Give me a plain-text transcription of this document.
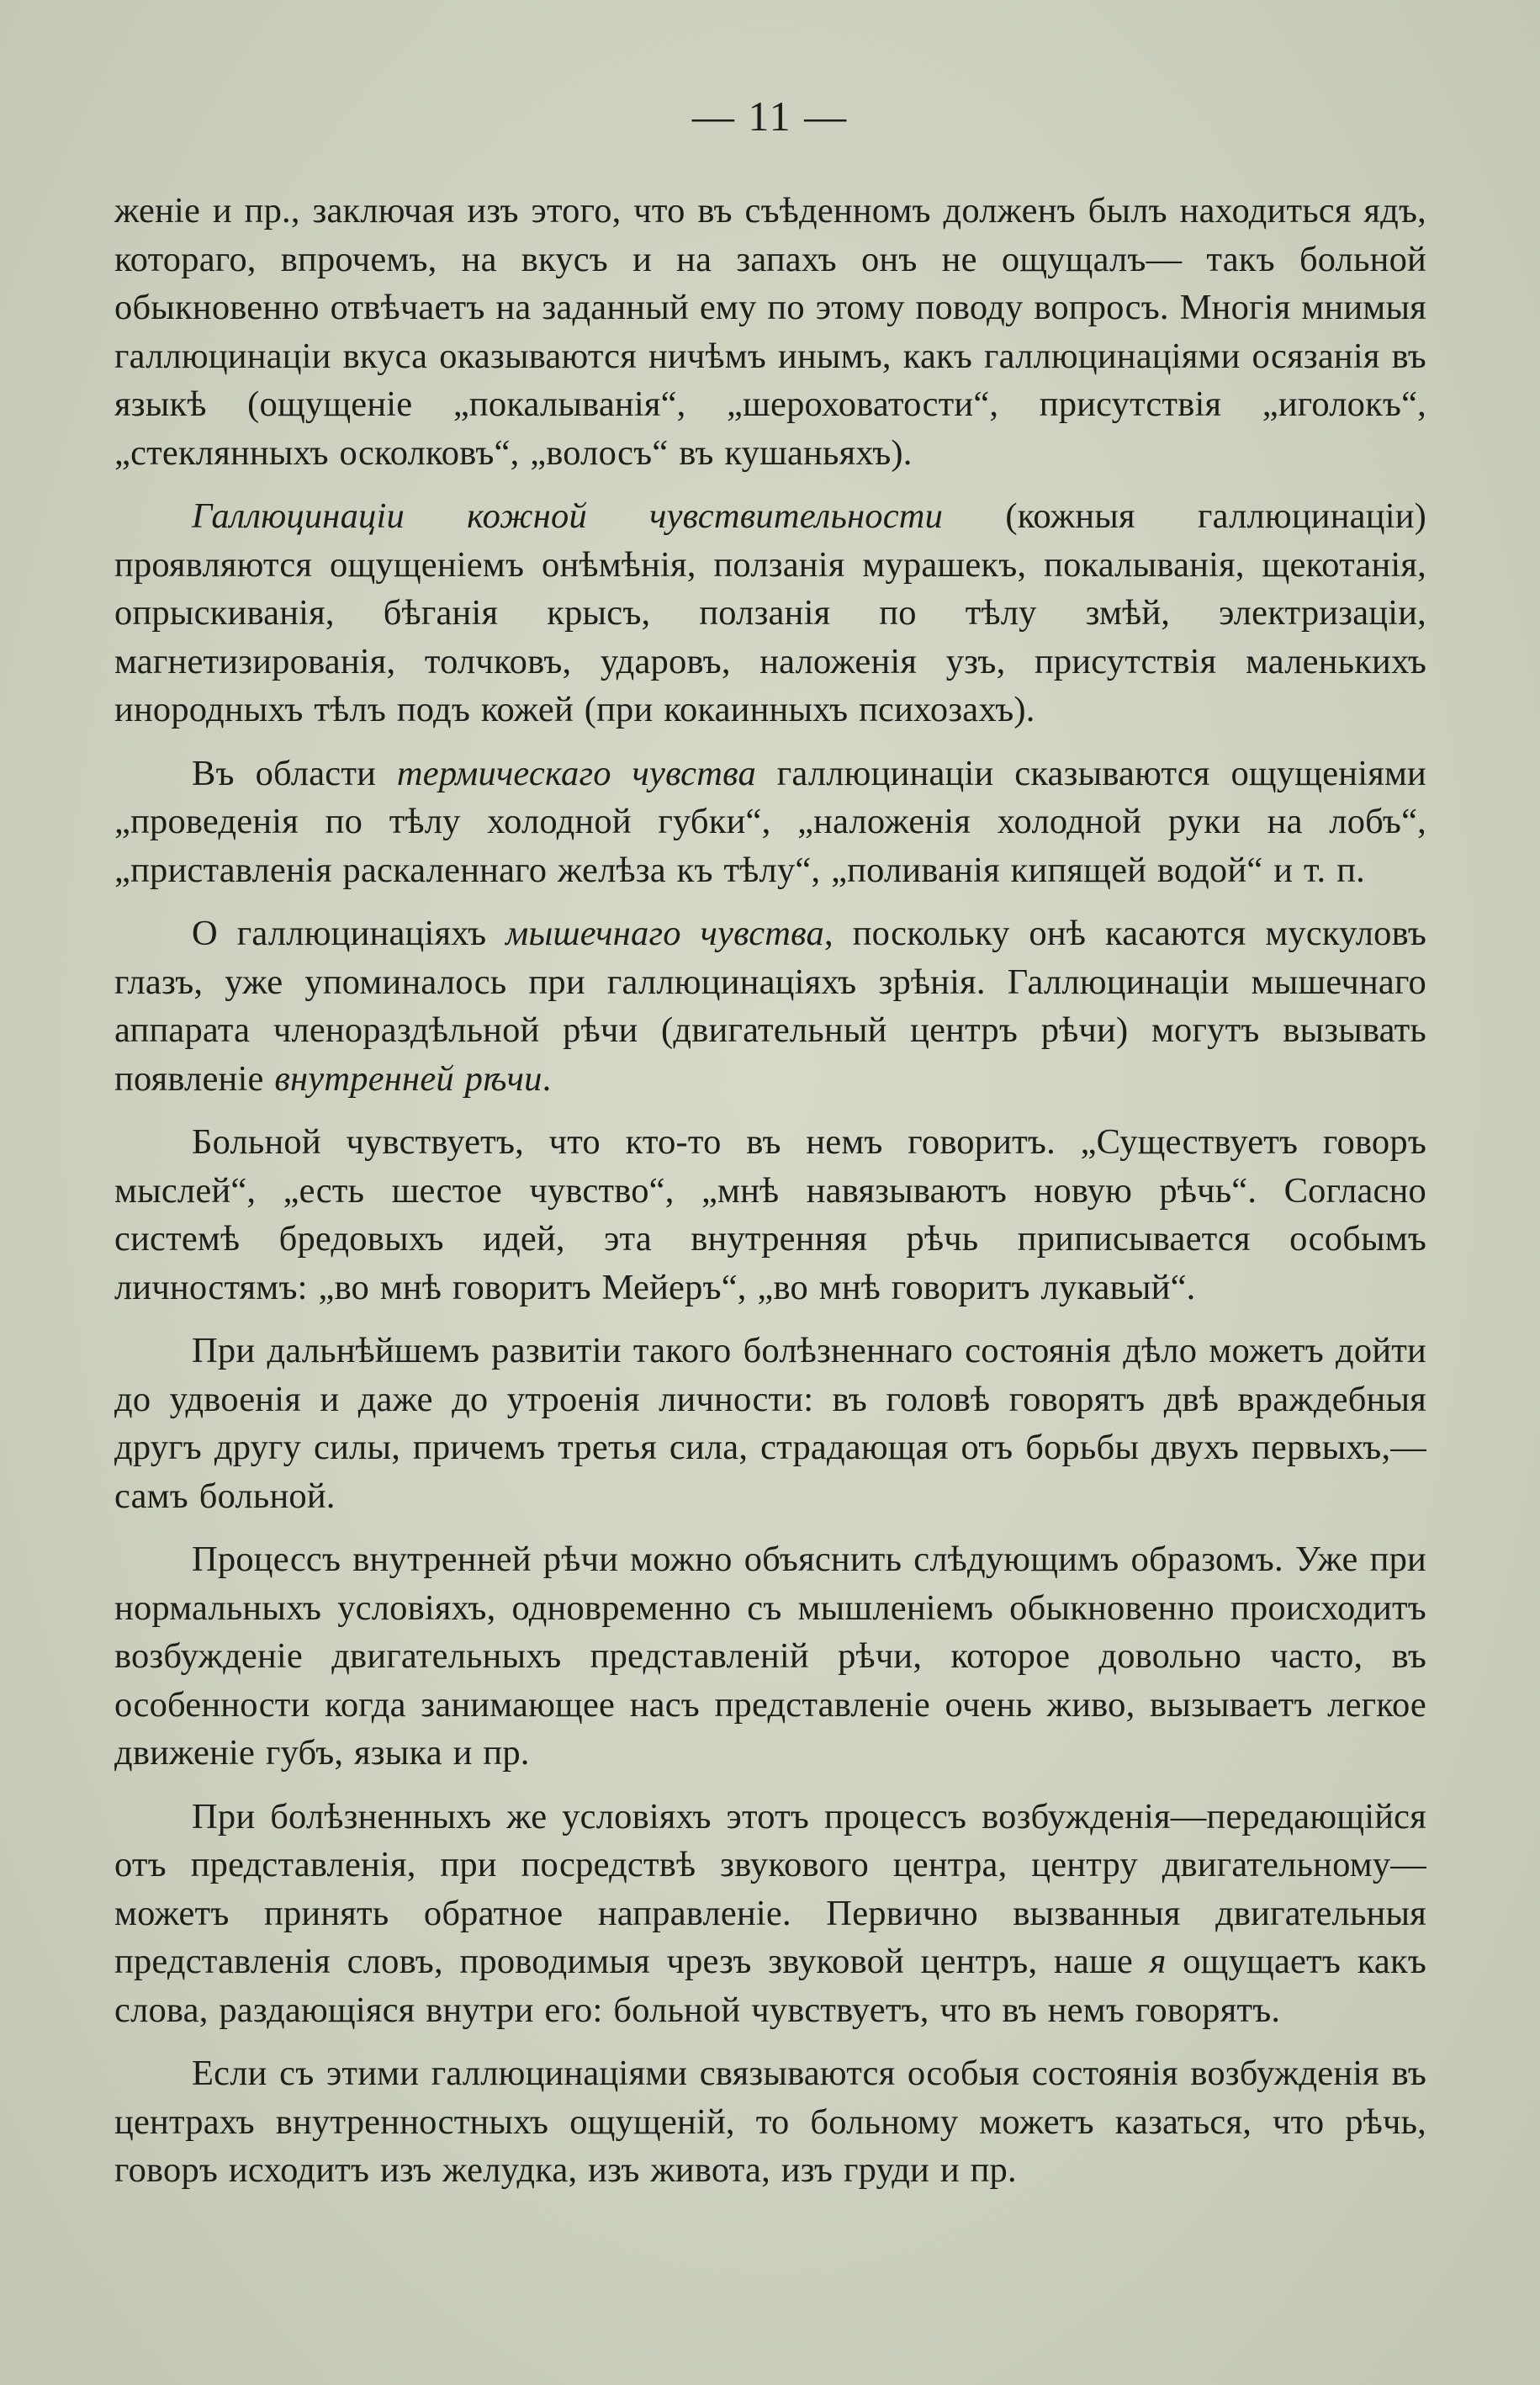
— 11 —

женіе и пр., заключая изъ этого, что въ съѣденномъ долженъ былъ находиться ядъ, котораго, впрочемъ, на вкусъ и на запахъ онъ не ощущалъ— такъ больной обыкновенно отвѣчаетъ на заданный ему по этому поводу вопросъ. Многія мнимыя галлюцинаціи вкуса оказываются ничѣмъ инымъ, какъ галлюцинаціями осязанія въ языкѣ (ощущеніе „покалыванія“, „шероховатости“, присутствія „иголокъ“, „стеклянныхъ осколковъ“, „волосъ“ въ кушаньяхъ).

Галлюцинаціи кожной чувствительности (кожныя галлюцинаціи) проявляются ощущеніемъ онѣмѣнія, ползанія мурашекъ, покалыванія, щекотанія, опрыскиванія, бѣганія крысъ, ползанія по тѣлу змѣй, электризаціи, магнетизированія, толчковъ, ударовъ, наложенія узъ, присутствія маленькихъ инородныхъ тѣлъ подъ кожей (при кокаинныхъ психозахъ).

Въ области термическаго чувства галлюцинаціи сказываются ощущеніями „проведенія по тѣлу холодной губки“, „наложенія холодной руки на лобъ“, „приставленія раскаленнаго желѣза къ тѣлу“, „поливанія кипящей водой“ и т. п.

О галлюцинаціяхъ мышечнаго чувства, поскольку онѣ касаются мускуловъ глазъ, уже упоминалось при галлюцинаціяхъ зрѣнія. Галлюцинаціи мышечнаго аппарата членораздѣльной рѣчи (двигательный центръ рѣчи) могутъ вызывать появленіе внутренней рѣчи.

Больной чувствуетъ, что кто-то въ немъ говоритъ. „Существуетъ говоръ мыслей“, „есть шестое чувство“, „мнѣ навязываютъ новую рѣчь“. Согласно системѣ бредовыхъ идей, эта внутренняя рѣчь приписывается особымъ личностямъ: „во мнѣ говоритъ Мейеръ“, „во мнѣ говоритъ лукавый“.

При дальнѣйшемъ развитіи такого болѣзненнаго состоянія дѣло можетъ дойти до удвоенія и даже до утроенія личности: въ головѣ говорятъ двѣ враждебныя другъ другу силы, причемъ третья сила, страдающая отъ борьбы двухъ первыхъ,—самъ больной.

Процессъ внутренней рѣчи можно объяснить слѣдующимъ образомъ. Уже при нормальныхъ условіяхъ, одновременно съ мышленіемъ обыкновенно происходитъ возбужденіе двигательныхъ представленій рѣчи, которое довольно часто, въ особенности когда занимающее насъ представленіе очень живо, вызываетъ легкое движеніе губъ, языка и пр.

При болѣзненныхъ же условіяхъ этотъ процессъ возбужденія—передающійся отъ представленія, при посредствѣ звукового центра, центру двигательному—можетъ принять обратное направленіе. Первично вызванныя двигательныя представленія словъ, проводимыя чрезъ звуковой центръ, наше я ощущаетъ какъ слова, раздающіяся внутри его: больной чувствуетъ, что въ немъ говорятъ.

Если съ этими галлюцинаціями связываются особыя состоянія возбужденія въ центрахъ внутренностныхъ ощущеній, то больному можетъ казаться, что рѣчь, говоръ исходитъ изъ желудка, изъ живота, изъ груди и пр.
